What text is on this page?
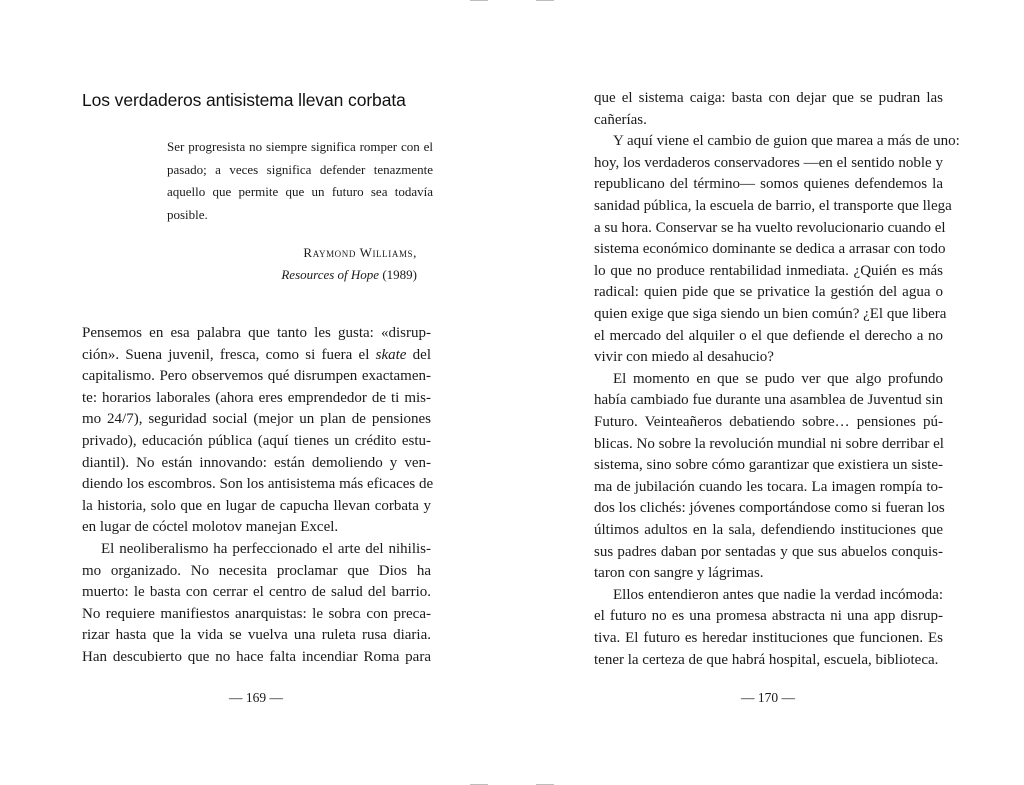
Los verdaderos antisistema llevan corbata

Ser progresista no siempre significa romper con el pasado; a veces significa defender tenazmente aquello que permite que un futuro sea todavía posible.

Raymond Williams,

Resources of Hope (1989)

Pensemos en esa palabra que tanto les gusta: «disrup-

ción». Suena juvenil, fresca, como si fuera el skate del

capitalismo. Pero observemos qué disrumpen exactamen-

te: horarios laborales (ahora eres emprendedor de ti mis-

mo 24/7), seguridad social (mejor un plan de pensiones

privado), educación pública (aquí tienes un crédito estu-

diantil). No están innovando: están demoliendo y ven-

diendo los escombros. Son los antisistema más eficaces de

la historia, solo que en lugar de capucha llevan corbata y

en lugar de cóctel molotov manejan Excel.

El neoliberalismo ha perfeccionado el arte del nihilis-

mo organizado. No necesita proclamar que Dios ha

muerto: le basta con cerrar el centro de salud del barrio.

No requiere manifiestos anarquistas: le sobra con preca-

rizar hasta que la vida se vuelva una ruleta rusa diaria.

Han descubierto que no hace falta incendiar Roma para

— 169 —

que el sistema caiga: basta con dejar que se pudran las

cañerías.

Y aquí viene el cambio de guion que marea a más de uno:

hoy, los verdaderos conservadores —en el sentido noble y

republicano del término— somos quienes defendemos la

sanidad pública, la escuela de barrio, el transporte que llega

a su hora. Conservar se ha vuelto revolucionario cuando el

sistema económico dominante se dedica a arrasar con todo

lo que no produce rentabilidad inmediata. ¿Quién es más

radical: quien pide que se privatice la gestión del agua o

quien exige que siga siendo un bien común? ¿El que libera

el mercado del alquiler o el que defiende el derecho a no

vivir con miedo al desahucio?

El momento en que se pudo ver que algo profundo

había cambiado fue durante una asamblea de Juventud sin

Futuro. Veinteañeros debatiendo sobre… pensiones pú-

blicas. No sobre la revolución mundial ni sobre derribar el

sistema, sino sobre cómo garantizar que existiera un siste-

ma de jubilación cuando les tocara. La imagen rompía to-

dos los clichés: jóvenes comportándose como si fueran los

últimos adultos en la sala, defendiendo instituciones que

sus padres daban por sentadas y que sus abuelos conquis-

taron con sangre y lágrimas.

Ellos entendieron antes que nadie la verdad incómoda:

el futuro no es una promesa abstracta ni una app disrup-

tiva. El futuro es heredar instituciones que funcionen. Es

tener la certeza de que habrá hospital, escuela, biblioteca.

— 170 —
